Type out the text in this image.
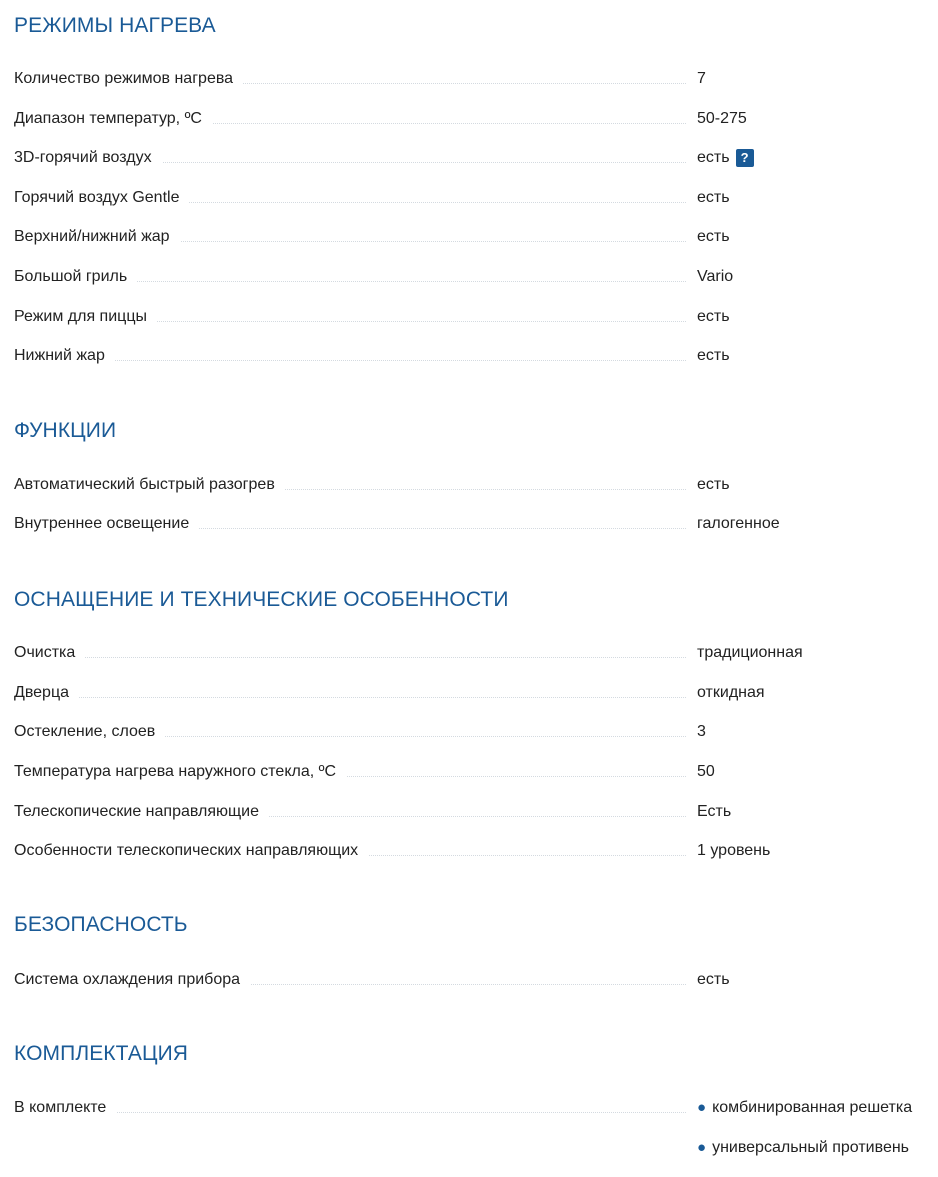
РЕЖИМЫ НАГРЕВА
Количество режимов нагрева	7
Диапазон температур, ºС	50-275
3D-горячий воздух	есть ?
Горячий воздух Gentle	есть
Верхний/нижний жар	есть
Большой гриль	Vario
Режим для пиццы	есть
Нижний жар	есть
ФУНКЦИИ
Автоматический быстрый разогрев	есть
Внутреннее освещение	галогенное
ОСНАЩЕНИЕ И ТЕХНИЧЕСКИЕ ОСОБЕННОСТИ
Очистка	традиционная
Дверца	откидная
Остекление, слоев	3
Температура нагрева наружного стекла, ºС	50
Телескопические направляющие	Есть
Особенности телескопических направляющих	1 уровень
БЕЗОПАСНОСТЬ
Система охлаждения прибора	есть
КОМПЛЕКТАЦИЯ
В комплекте	● комбинированная решетка
● универсальный противень
